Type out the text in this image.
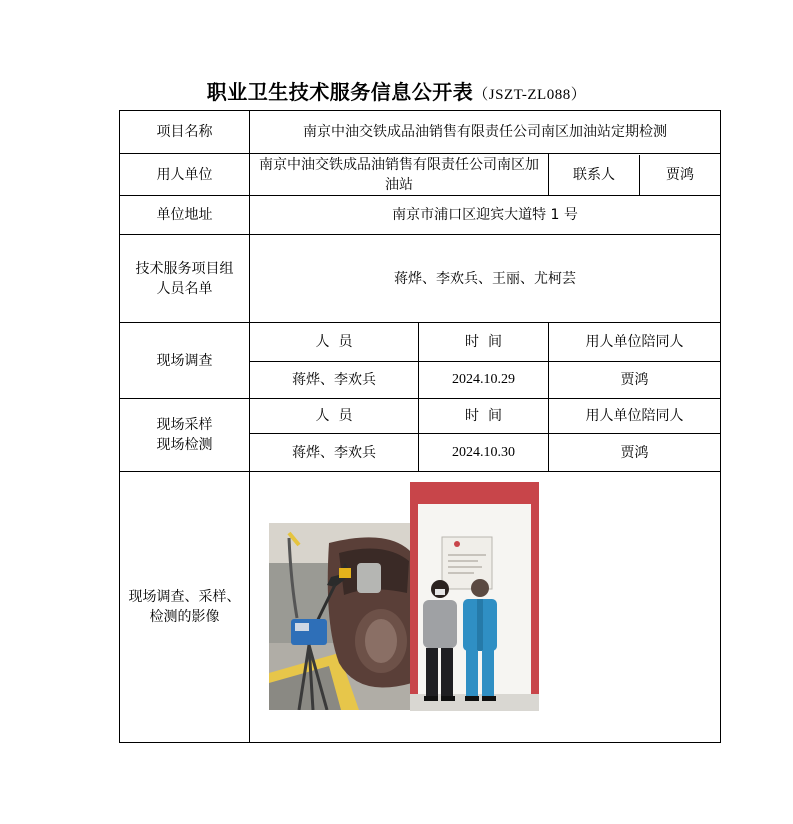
职业卫生技术服务信息公开表（JSZT-ZL088）
项目名称	南京中油交铁成品油销售有限责任公司南区加油站定期检测		
用人单位	南京中油交铁成品油销售有限责任公司南区加油站		联系人 贾鸿

单位地址	南京市浦口区迎宾大道特 1 号		
技术服务项目组人员名单	蒋烨、李欢兵、王丽、尤柯芸		
现场调查	人  员	时  间	用人单位陪同人
	蒋烨、李欢兵	2024.10.29	贾鸿
现场采样现场检测	人  员	时  间	用人单位陪同人
	蒋烨、李欢兵	2024.10.30	贾鸿
现场调查、采样、检测的影像	
